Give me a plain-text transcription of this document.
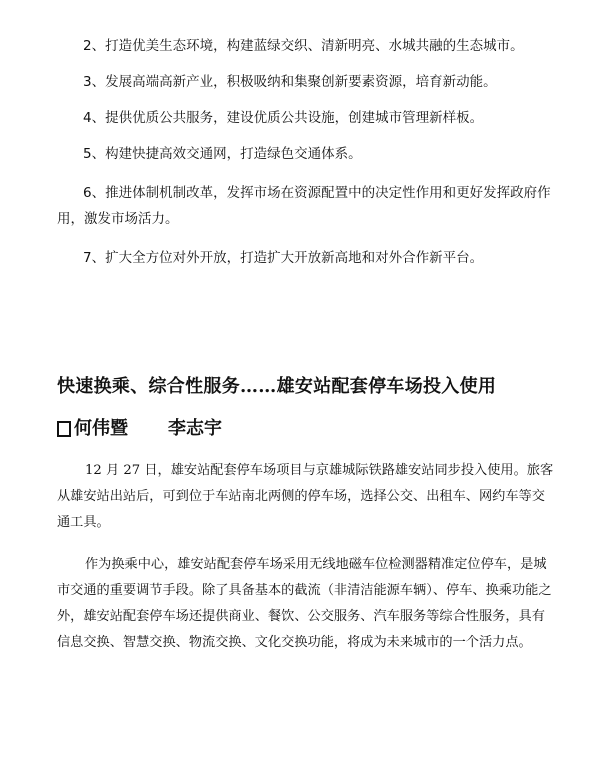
2、打造优美生态环境，构建蓝绿交织、清新明亮、水城共融的生态城市。

3、发展高端高新产业，积极吸纳和集聚创新要素资源，培育新动能。

4、提供优质公共服务，建设优质公共设施，创建城市管理新样板。

5、构建快捷高效交通网，打造绿色交通体系。

6、推进体制机制改革，发挥市场在资源配置中的决定性作用和更好发挥政府作用，激发市场活力。

7、扩大全方位对外开放，打造扩大开放新高地和对外合作新平台。

快速换乘、综合性服务……雄安站配套停车场投入使用
何伟暨 李志宇

12 月 27 日，雄安站配套停车场项目与京雄城际铁路雄安站同步投入使用。旅客从雄安站出站后，可到位于车站南北两侧的停车场，选择公交、出租车、网约车等交通工具。

作为换乘中心，雄安站配套停车场采用无线地磁车位检测器精准定位停车，是城市交通的重要调节手段。除了具备基本的截流（非清洁能源车辆）、停车、换乘功能之外，雄安站配套停车场还提供商业、餐饮、公交服务、汽车服务等综合性服务，具有信息交换、智慧交换、物流交换、文化交换功能，将成为未来城市的一个活力点。
